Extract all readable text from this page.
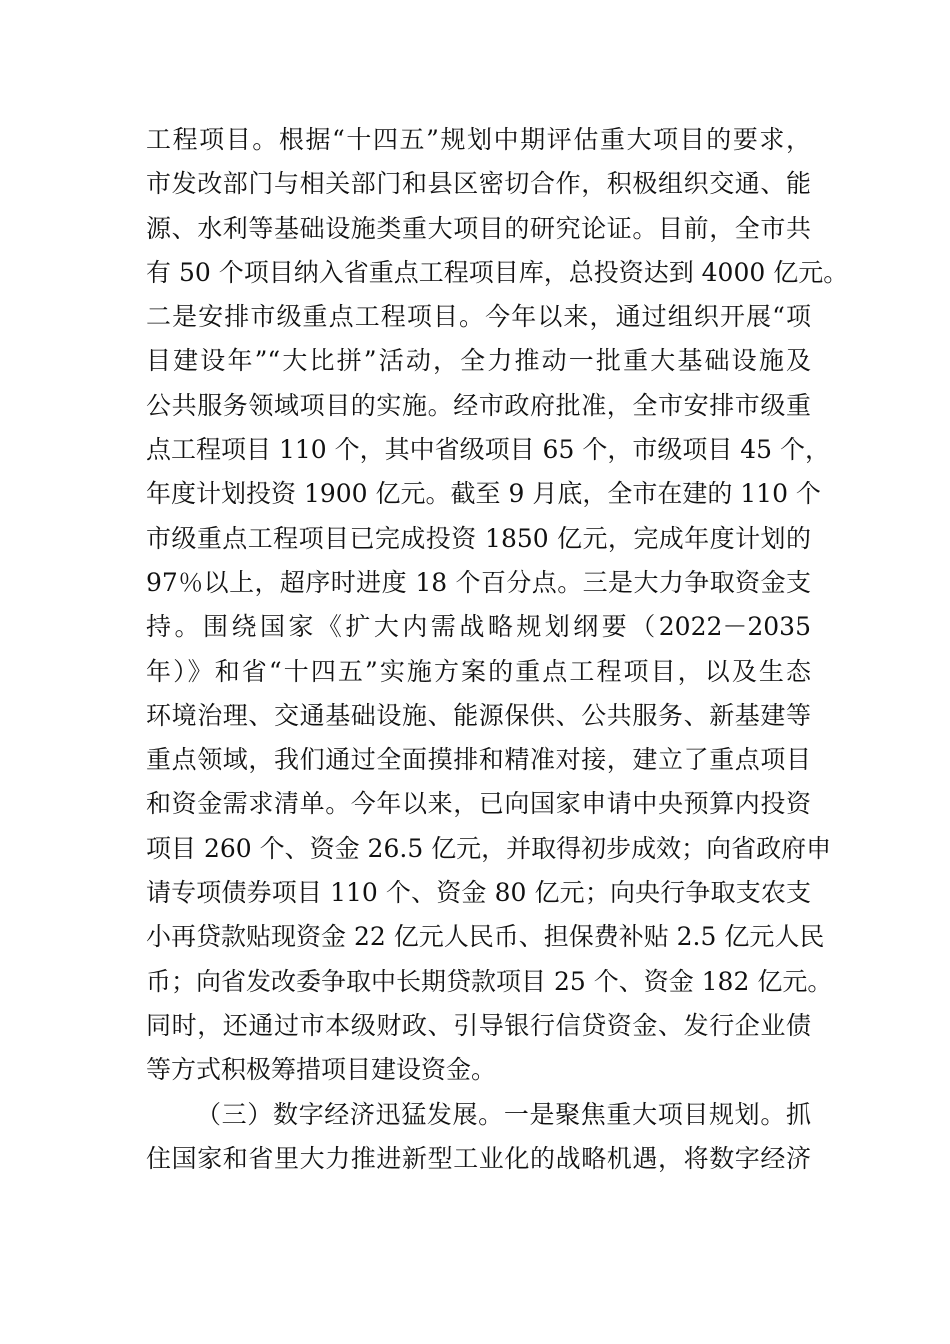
工程项目。根据“十四五”规划中期评估重大项目的要求，
市发改部门与相关部门和县区密切合作，积极组织交通、能
源、水利等基础设施类重大项目的研究论证。目前，全市共
有 50 个项目纳入省重点工程项目库，总投资达到 4000 亿元。
二是安排市级重点工程项目。今年以来，通过组织开展“项
目建设年”“大比拼”活动，全力推动一批重大基础设施及
公共服务领域项目的实施。经市政府批准，全市安排市级重
点工程项目 110 个，其中省级项目 65 个，市级项目 45 个，
年度计划投资 1900 亿元。截至 9 月底，全市在建的 110 个
市级重点工程项目已完成投资 1850 亿元，完成年度计划的
97％以上，超序时进度 18 个百分点。三是大力争取资金支
持。围绕国家《扩大内需战略规划纲要（2022－2035
年）》和省“十四五”实施方案的重点工程项目，以及生态
环境治理、交通基础设施、能源保供、公共服务、新基建等
重点领域，我们通过全面摸排和精准对接，建立了重点项目
和资金需求清单。今年以来，已向国家申请中央预算内投资
项目 260 个、资金 26.5 亿元，并取得初步成效；向省政府申
请专项债券项目 110 个、资金 80 亿元；向央行争取支农支
小再贷款贴现资金 22 亿元人民币、担保费补贴 2.5 亿元人民
币；向省发改委争取中长期贷款项目 25 个、资金 182 亿元。
同时，还通过市本级财政、引导银行信贷资金、发行企业债
等方式积极筹措项目建设资金。
（三）数字经济迅猛发展。一是聚焦重大项目规划。抓
住国家和省里大力推进新型工业化的战略机遇，将数字经济
